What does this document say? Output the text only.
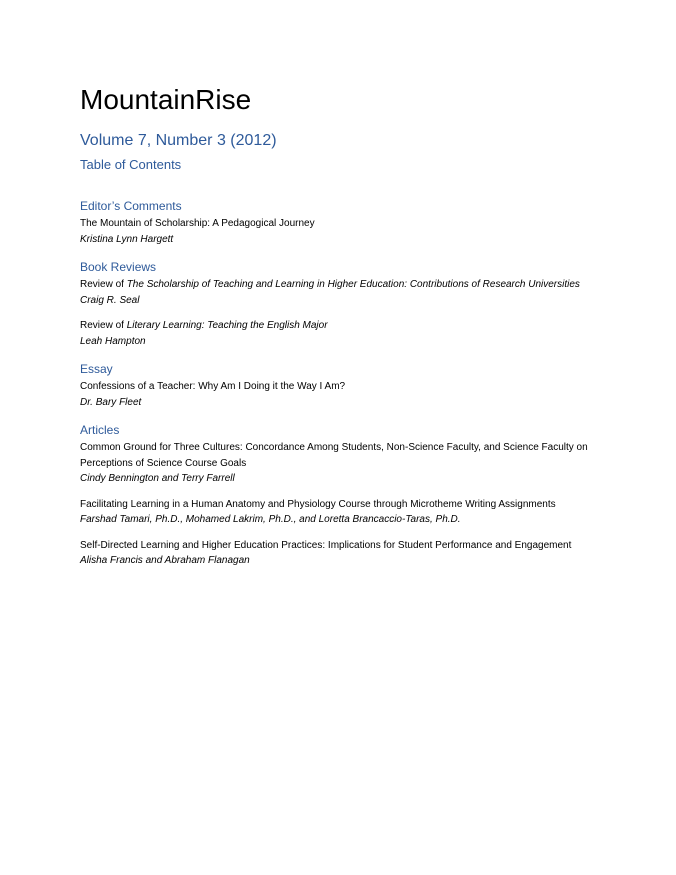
MountainRise
Volume 7, Number 3 (2012)
Table of Contents
Editor’s Comments
The Mountain of Scholarship: A Pedagogical Journey
Kristina Lynn Hargett
Book Reviews
Review of The Scholarship of Teaching and Learning in Higher Education: Contributions of Research Universities
Craig R. Seal
Review of Literary Learning: Teaching the English Major
Leah Hampton
Essay
Confessions of a Teacher: Why Am I Doing it the Way I Am?
Dr. Bary Fleet
Articles
Common Ground for Three Cultures: Concordance Among Students, Non-Science Faculty, and Science Faculty on Perceptions of Science Course Goals
Cindy Bennington and Terry Farrell
Facilitating Learning in a Human Anatomy and Physiology Course through Microtheme Writing Assignments
Farshad Tamari, Ph.D., Mohamed Lakrim, Ph.D., and Loretta Brancaccio-Taras, Ph.D.
Self-Directed Learning and Higher Education Practices: Implications for Student Performance and Engagement
Alisha Francis and Abraham Flanagan
